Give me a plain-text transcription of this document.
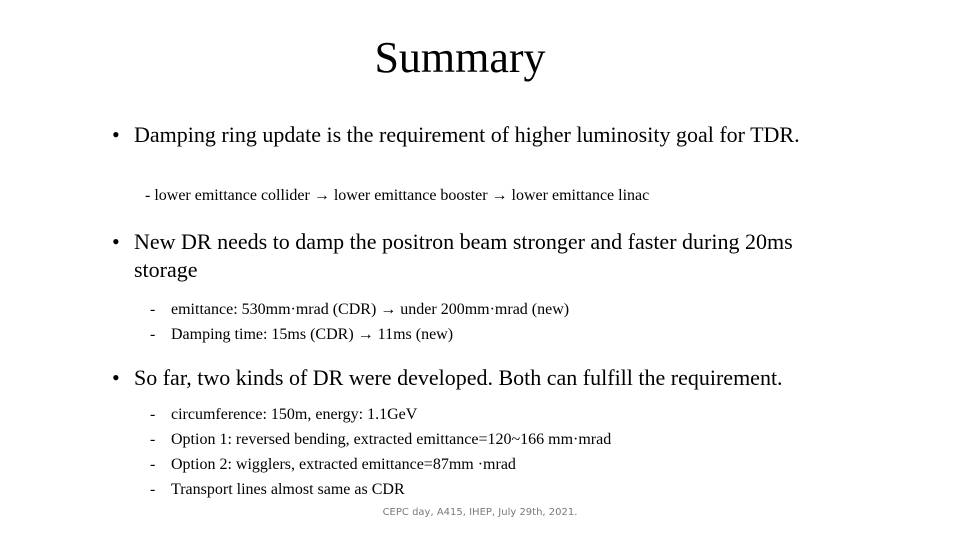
Summary
• Damping ring update is the requirement of higher luminosity goal for TDR.
- lower emittance collider → lower emittance booster → lower emittance linac
• New DR needs to damp the positron beam stronger and faster during 20ms storage
- emittance: 530mm·mrad (CDR) → under 200mm·mrad (new)
- Damping time: 15ms (CDR) → 11ms (new)
• So far, two kinds of DR were developed. Both can fulfill the requirement.
- circumference: 150m, energy: 1.1GeV
- Option 1: reversed bending, extracted emittance=120~166 mm·mrad
- Option 2: wigglers, extracted emittance=87mm ·mrad
- Transport lines almost same as CDR
CEPC day, A415, IHEP, July 29th, 2021.
